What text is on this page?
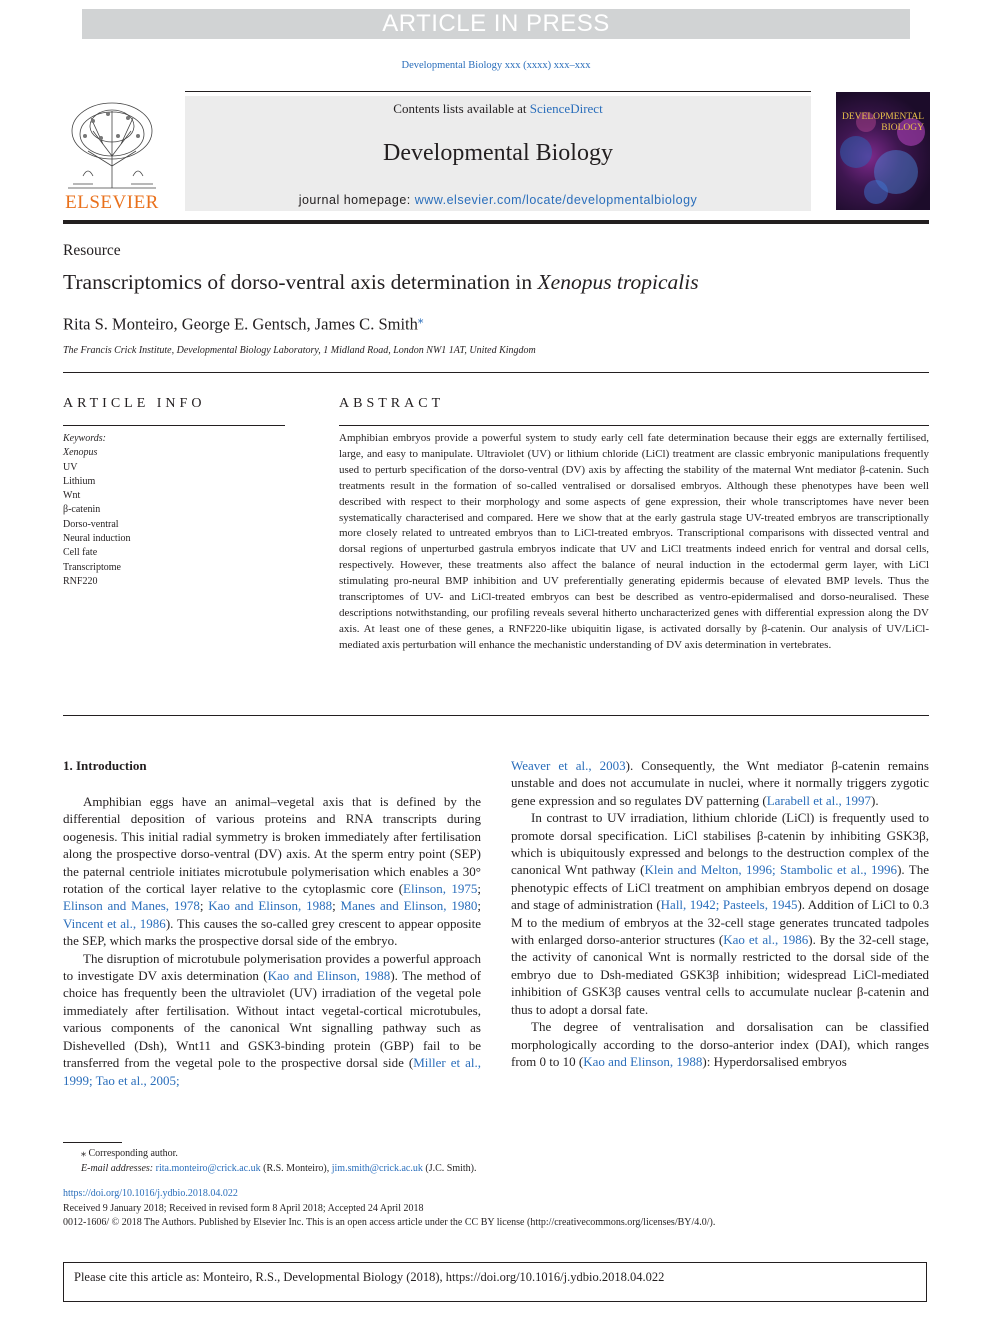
ARTICLE IN PRESS
Developmental Biology xxx (xxxx) xxx–xxx
ELSEVIER
Contents lists available at ScienceDirect
Developmental Biology
journal homepage: www.elsevier.com/locate/developmentalbiology
DEVELOPMENTAL BIOLOGY
Resource
Transcriptomics of dorso-ventral axis determination in Xenopus tropicalis
Rita S. Monteiro, George E. Gentsch, James C. Smith⁎
The Francis Crick Institute, Developmental Biology Laboratory, 1 Midland Road, London NW1 1AT, United Kingdom
ARTICLE INFO	ABSTRACT
Keywords:
Xenopus
UV
Lithium
Wnt
β-catenin
Dorso-ventral
Neural induction
Cell fate
Transcriptome
RNF220
Amphibian embryos provide a powerful system to study early cell fate determination because their eggs are externally fertilised, large, and easy to manipulate. Ultraviolet (UV) or lithium chloride (LiCl) treatment are classic embryonic manipulations frequently used to perturb specification of the dorso-ventral (DV) axis by affecting the stability of the maternal Wnt mediator β-catenin. Such treatments result in the formation of so-called ventralised or dorsalised embryos. Although these phenotypes have been well described with respect to their morphology and some aspects of gene expression, their whole transcriptomes have never been systematically characterised and compared. Here we show that at the early gastrula stage UV-treated embryos are transcriptionally more closely related to untreated embryos than to LiCl-treated embryos. Transcriptional comparisons with dissected ventral and dorsal regions of unperturbed gastrula embryos indicate that UV and LiCl treatments indeed enrich for ventral and dorsal cells, respectively. However, these treatments also affect the balance of neural induction in the ectodermal germ layer, with LiCl stimulating pro-neural BMP inhibition and UV preferentially generating epidermis because of elevated BMP levels. Thus the transcriptomes of UV- and LiCl-treated embryos can best be described as ventro-epidermalised and dorso-neuralised. These descriptions notwithstanding, our profiling reveals several hitherto uncharacterized genes with differential expression along the DV axis. At least one of these genes, a RNF220-like ubiquitin ligase, is activated dorsally by β-catenin. Our analysis of UV/LiCl-mediated axis perturbation will enhance the mechanistic understanding of DV axis determination in vertebrates.
1. Introduction

Amphibian eggs have an animal–vegetal axis that is defined by the differential deposition of various proteins and RNA transcripts during oogenesis. This initial radial symmetry is broken immediately after fertilisation along the prospective dorso-ventral (DV) axis. At the sperm entry point (SEP) the paternal centriole initiates microtubule polymerisation which enables a 30° rotation of the cortical layer relative to the cytoplasmic core (Elinson, 1975; Elinson and Manes, 1978; Kao and Elinson, 1988; Manes and Elinson, 1980; Vincent et al., 1986). This causes the so-called grey crescent to appear opposite the SEP, which marks the prospective dorsal side of the embryo.

The disruption of microtubule polymerisation provides a powerful approach to investigate DV axis determination (Kao and Elinson, 1988). The method of choice has frequently been the ultraviolet (UV) irradiation of the vegetal pole immediately after fertilisation. Without intact vegetal-cortical microtubules, various components of the canonical Wnt signalling pathway such as Dishevelled (Dsh), Wnt11 and GSK3-binding protein (GBP) fail to be transferred from the vegetal pole to the prospective dorsal side (Miller et al., 1999; Tao et al., 2005;

Weaver et al., 2003). Consequently, the Wnt mediator β-catenin remains unstable and does not accumulate in nuclei, where it normally triggers zygotic gene expression and so regulates DV patterning (Larabell et al., 1997).

In contrast to UV irradiation, lithium chloride (LiCl) is frequently used to promote dorsal specification. LiCl stabilises β-catenin by inhibiting GSK3β, which is ubiquitously expressed and belongs to the destruction complex of the canonical Wnt pathway (Klein and Melton, 1996; Stambolic et al., 1996). The phenotypic effects of LiCl treatment on amphibian embryos depend on dosage and stage of administration (Hall, 1942; Pasteels, 1945). Addition of LiCl to 0.3 M to the medium of embryos at the 32-cell stage generates truncated tadpoles with enlarged dorso-anterior structures (Kao et al., 1986). By the 32-cell stage, the activity of canonical Wnt is normally restricted to the dorsal side of the embryo due to Dsh-mediated GSK3β inhibition; widespread LiCl-mediated inhibition of GSK3β causes ventral cells to accumulate nuclear β-catenin and thus to adopt a dorsal fate.

The degree of ventralisation and dorsalisation can be classified morphologically according to the dorso-anterior index (DAI), which ranges from 0 to 10 (Kao and Elinson, 1988): Hyperdorsalised embryos

⁎ Corresponding author.
E-mail addresses: rita.monteiro@crick.ac.uk (R.S. Monteiro), jim.smith@crick.ac.uk (J.C. Smith).
https://doi.org/10.1016/j.ydbio.2018.04.022
Received 9 January 2018; Received in revised form 8 April 2018; Accepted 24 April 2018
0012-1606/ © 2018 The Authors. Published by Elsevier Inc. This is an open access article under the CC BY license (http://creativecommons.org/licenses/BY/4.0/).
Please cite this article as: Monteiro, R.S., Developmental Biology (2018), https://doi.org/10.1016/j.ydbio.2018.04.022
